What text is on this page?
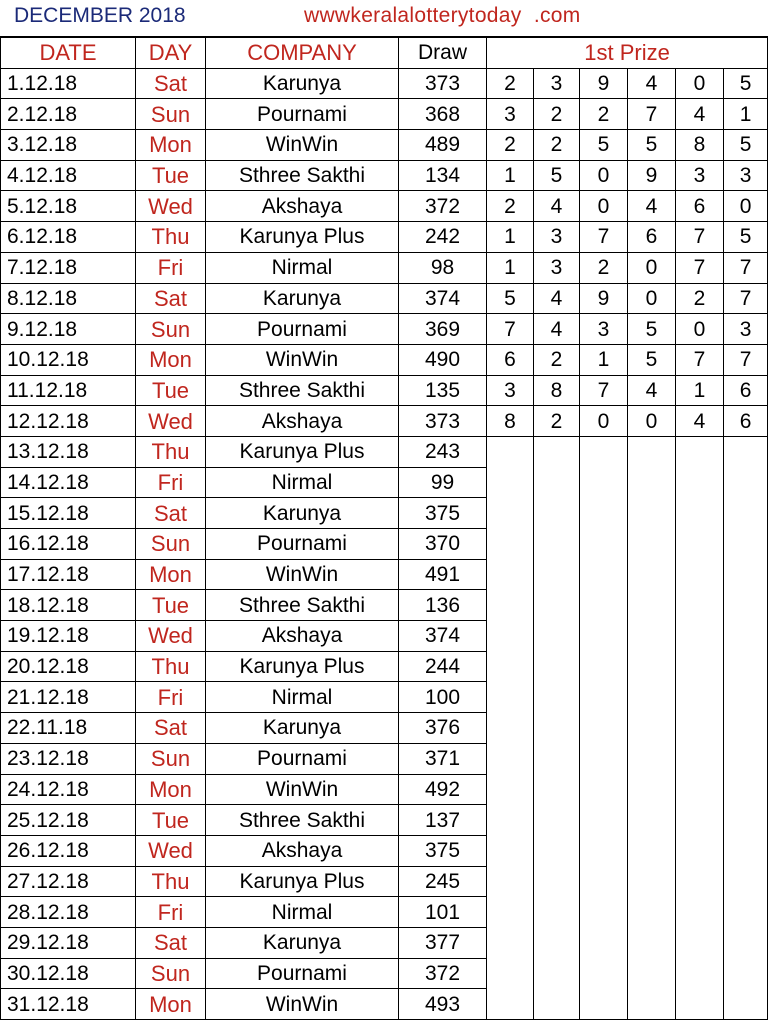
DECEMBER 2018	wwwkeralalotterytoday  .com
DATE	DAY	COMPANY	Draw	1st Prize					
1.12.18	Sat	Karunya	373	2	3	9	4	0	5
2.12.18	Sun	Pournami	368	3	2	2	7	4	1
3.12.18	Mon	WinWin	489	2	2	5	5	8	5
4.12.18	Tue	Sthree Sakthi	134	1	5	0	9	3	3
5.12.18	Wed	Akshaya	372	2	4	0	4	6	0
6.12.18	Thu	Karunya Plus	242	1	3	7	6	7	5
7.12.18	Fri	Nirmal	98	1	3	2	0	7	7
8.12.18	Sat	Karunya	374	5	4	9	0	2	7
9.12.18	Sun	Pournami	369	7	4	3	5	0	3
10.12.18	Mon	WinWin	490	6	2	1	5	7	7
11.12.18	Tue	Sthree Sakthi	135	3	8	7	4	1	6
12.12.18	Wed	Akshaya	373	8	2	0	0	4	6
13.12.18	Thu	Karunya Plus	243						
14.12.18	Fri	Nirmal	99						
15.12.18	Sat	Karunya	375						
16.12.18	Sun	Pournami	370						
17.12.18	Mon	WinWin	491						
18.12.18	Tue	Sthree Sakthi	136						
19.12.18	Wed	Akshaya	374						
20.12.18	Thu	Karunya Plus	244						
21.12.18	Fri	Nirmal	100						
22.11.18	Sat	Karunya	376						
23.12.18	Sun	Pournami	371						
24.12.18	Mon	WinWin	492						
25.12.18	Tue	Sthree Sakthi	137						
26.12.18	Wed	Akshaya	375						
27.12.18	Thu	Karunya Plus	245						
28.12.18	Fri	Nirmal	101						
29.12.18	Sat	Karunya	377						
30.12.18	Sun	Pournami	372						
31.12.18	Mon	WinWin	493						
